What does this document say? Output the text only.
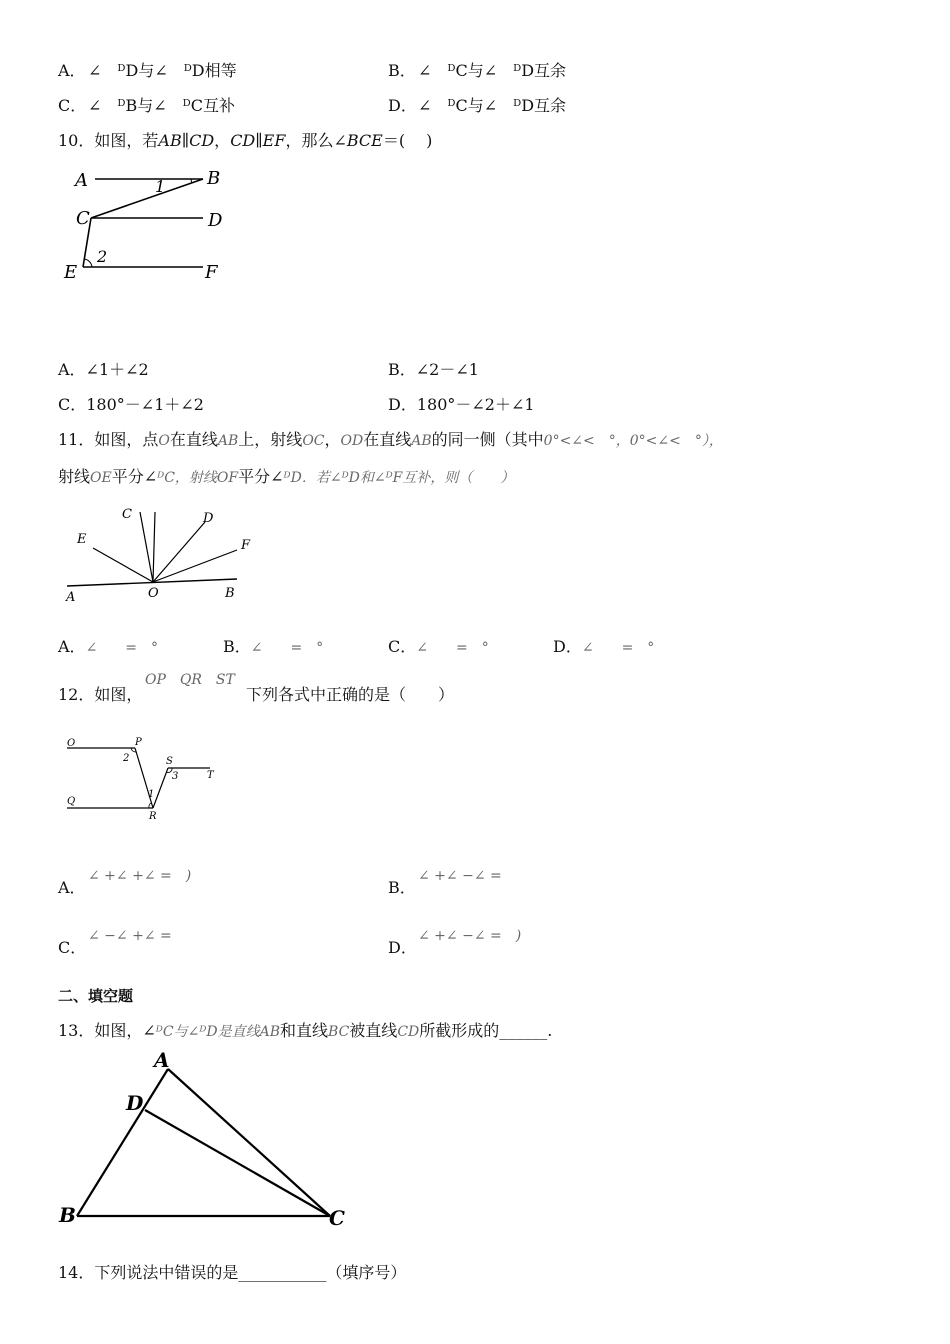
A． ∠　ᴰD与∠　ᴰD相等	B． ∠　ᴰC与∠　ᴰD互余
C． ∠　ᴰB与∠　ᴰC互补	D． ∠　ᴰC与∠　ᴰD互余
10．如图，若AB∥CD，CD∥EF，那么∠BCE＝(　 )
A	B
C	D
E	F
1
2
A．∠1＋∠2	B．∠2－∠1
C．180°－∠1＋∠2	D．180°－∠2＋∠1
11．如图，点O在直线AB上，射线OC，OD在直线AB的同一侧（其中0°<∠<　°，0°<∠<　°），
射线OE平分∠ᴰC，射线OF平分∠ᴰD．若∠ᴰD和∠ᴰF互补，则（　　）
A	B
C	D
E	F
O
A．∠　　=　°	B．∠　　=　°	C．∠　　=　°	D．∠　　=　°
OP　QR　ST
12．如图，	下列各式中正确的是（　　）
O	P
Q
R
S
T
2
1
3
A．
∠ +∠ +∠ =　)
B．
∠ +∠ −∠ =
C．
∠ −∠ +∠ =
D．
∠ +∠ −∠ =　)
二、填空题
13．如图，∠ᴰC与∠ᴰD是直线AB和直线BC被直线CD所截形成的______.
A
B	C
D
14．下列说法中错误的是___________（填序号）
